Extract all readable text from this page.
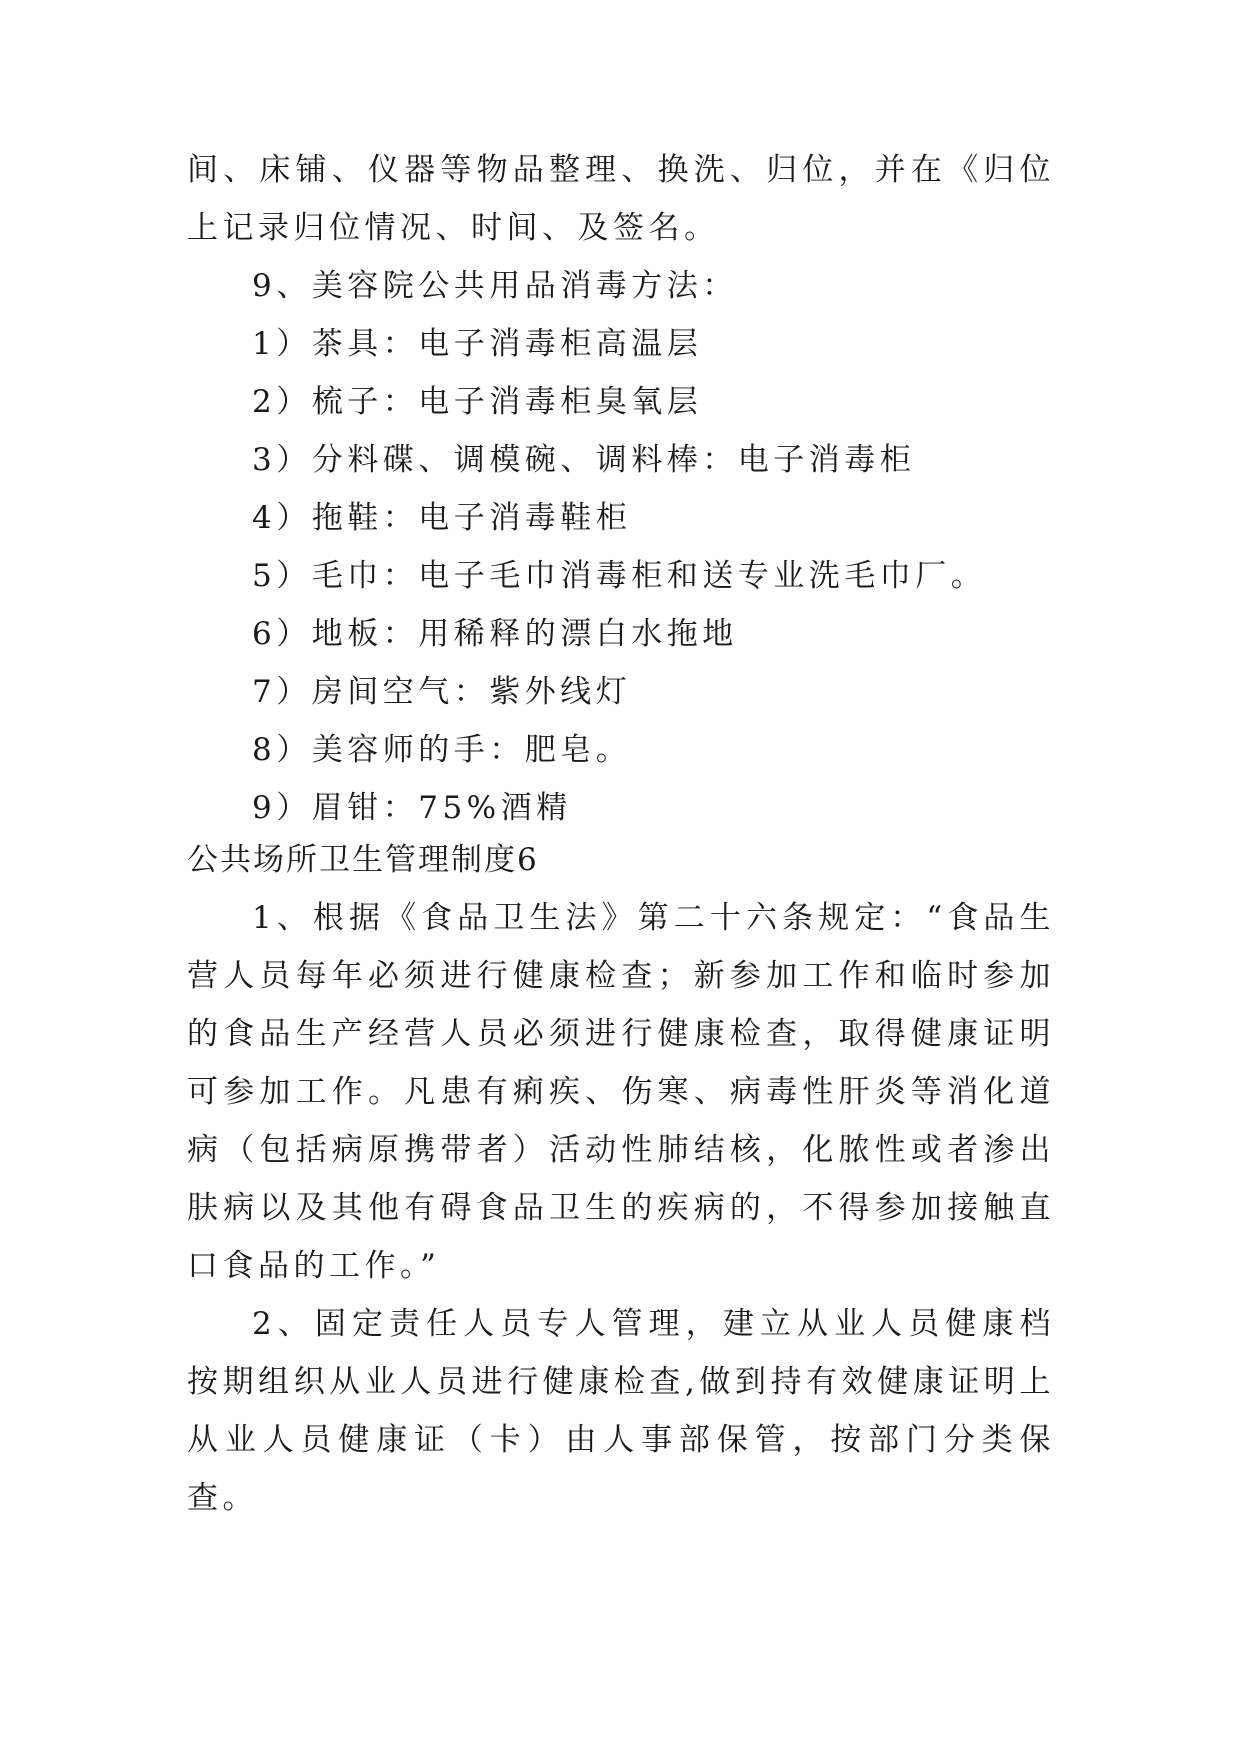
间、床铺、仪器等物品整理、换洗、归位，并在《归位
上记录归位情况、时间、及签名。
9、美容院公共用品消毒方法：
1）茶具：电子消毒柜高温层
2）梳子：电子消毒柜臭氧层
3）分料碟、调模碗、调料棒：电子消毒柜
4）拖鞋：电子消毒鞋柜
5）毛巾：电子毛巾消毒柜和送专业洗毛巾厂。
6）地板：用稀释的漂白水拖地
7）房间空气：紫外线灯
8）美容师的手：肥皂。
9）眉钳：75%酒精
公共场所卫生管理制度6
1、根据《食品卫生法》第二十六条规定：“食品生
营人员每年必须进行健康检查；新参加工作和临时参加
的食品生产经营人员必须进行健康检查，取得健康证明
可参加工作。凡患有痢疾、伤寒、病毒性肝炎等消化道
病（包括病原携带者）活动性肺结核，化脓性或者渗出
肤病以及其他有碍食品卫生的疾病的，不得参加接触直
口食品的工作。”
2、固定责任人员专人管理，建立从业人员健康档
按期组织从业人员进行健康检查,做到持有效健康证明上
从业人员健康证（卡）由人事部保管，按部门分类保
查。
